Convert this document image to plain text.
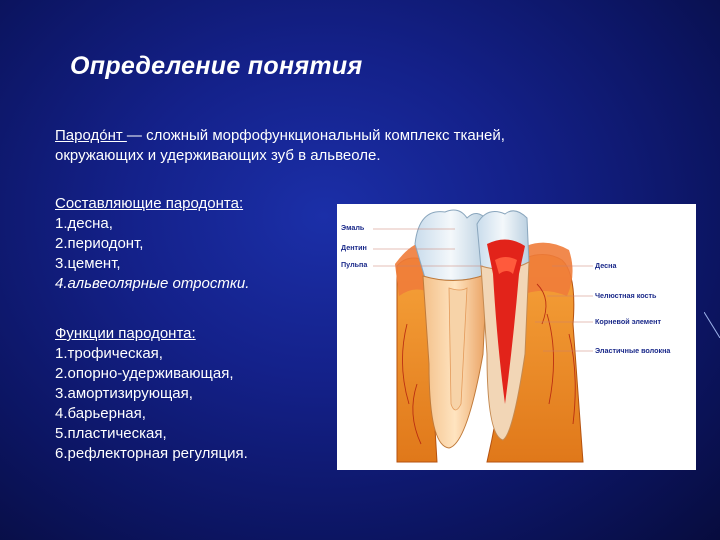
Определение понятия
Пародо́нт — сложный морфофункциональный комплекс тканей,
окружающих и удерживающих зуб в альвеоле.
Составляющие пародонта:
1.десна,
2.периодонт,
3.цемент,
4.альвеолярные отростки.
Функции пародонта:
1.трофическая,
2.опорно-удерживающая,
3.амортизирующая,
4.барьерная,
5.пластическая,
6.рефлекторная регуляция.
Эмаль
Дентин
Пульпа	Десна
Челюстная кость
Корневой элемент
Эластичные волокна
